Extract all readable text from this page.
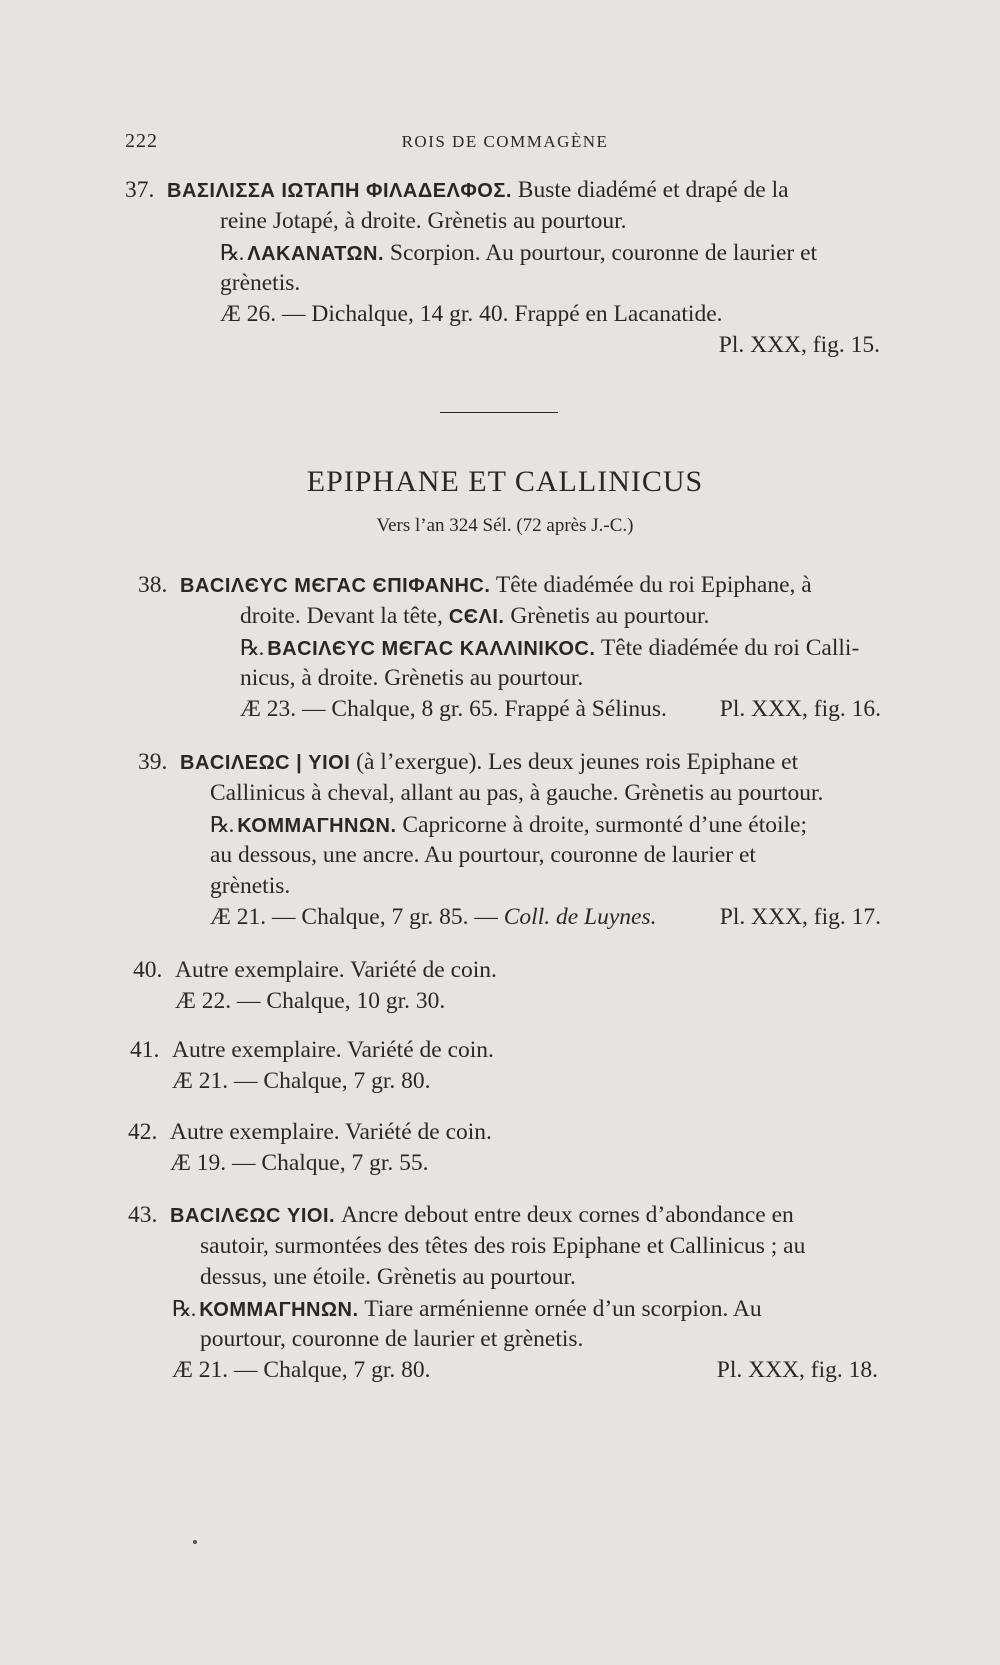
222	ROIS DE COMMAGÈNE
37. ΒΑΣΙΛΙΣΣΑ ΙΩΤΑΠΗ ΦΙΛΑΔΕΛΦΟΣ. Buste diadémé et drapé de la
reine Jotapé, à droite. Grènetis au pourtour.
℞. ΛΑΚΑΝΑΤΩΝ. Scorpion. Au pourtour, couronne de laurier et
grènetis.
Æ 26. — Dichalque, 14 gr. 40. Frappé en Lacanatide.
Pl. XXX, fig. 15.
EPIPHANE ET CALLINICUS
Vers l’an 324 Sél. (72 après J.-C.)
38. ΒΑCΙΛЄΥC ΜЄΓΑC ЄΠΙΦΑΝΗC. Tête diadémée du roi Epiphane, à
droite. Devant la tête, CЄΛΙ. Grènetis au pourtour.
℞. ΒΑCΙΛЄΥC ΜЄΓΑC ΚΑΛΛΙΝΙΚΟC. Tête diadémée du roi Calli-
nicus, à droite. Grènetis au pourtour.
Æ 23. — Chalque, 8 gr. 65. Frappé à Sélinus. Pl. XXX, fig. 16.
39. ΒΑCΙΛΕΩC | ΥΙΟΙ (à l’exergue). Les deux jeunes rois Epiphane et
Callinicus à cheval, allant au pas, à gauche. Grènetis au pourtour.
℞. ΚΟΜΜΑΓΗΝΩΝ. Capricorne à droite, surmonté d’une étoile;
au dessous, une ancre. Au pourtour, couronne de laurier et
grènetis.
Æ 21. — Chalque, 7 gr. 85. — Coll. de Luynes.	Pl. XXX, fig. 17.
40. Autre exemplaire. Variété de coin.
Æ 22. — Chalque, 10 gr. 30.
41. Autre exemplaire. Variété de coin.
Æ 21. — Chalque, 7 gr. 80.
42. Autre exemplaire. Variété de coin.
Æ 19. — Chalque, 7 gr. 55.
43. ΒΑCΙΛЄΩC ΥΙΟΙ. Ancre debout entre deux cornes d’abondance en
sautoir, surmontées des têtes des rois Epiphane et Callinicus ; au
dessus, une étoile. Grènetis au pourtour.
℞. ΚΟΜΜΑΓΗΝΩΝ. Tiare arménienne ornée d’un scorpion. Au
pourtour, couronne de laurier et grènetis.
Æ 21. — Chalque, 7 gr. 80.	Pl. XXX, fig. 18.
